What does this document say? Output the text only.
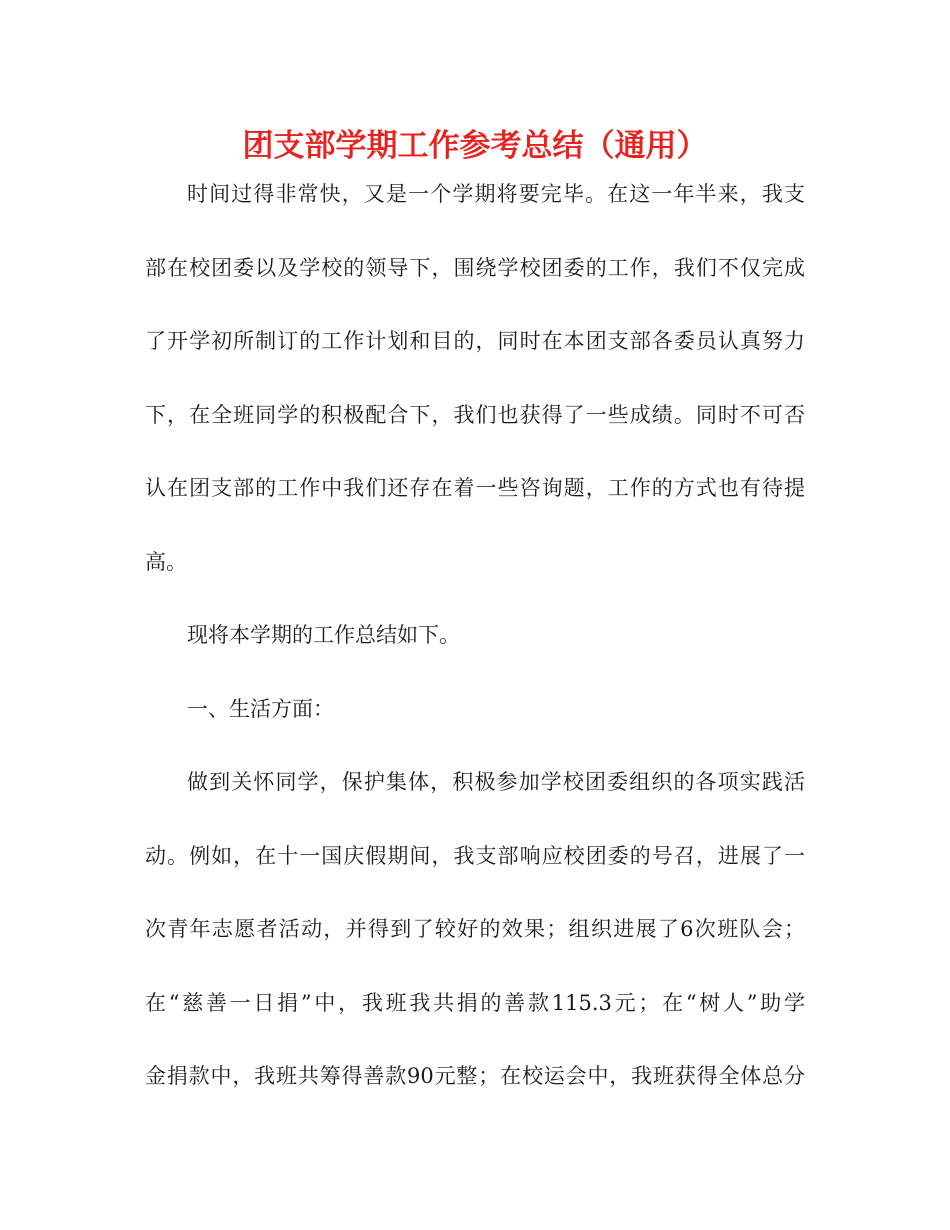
团支部学期工作参考总结（通用）
时间过得非常快，又是一个学期将要完毕。在这一年半来，我支
部在校团委以及学校的领导下，围绕学校团委的工作，我们不仅完成
了开学初所制订的工作计划和目的，同时在本团支部各委员认真努力
下，在全班同学的积极配合下，我们也获得了一些成绩。同时不可否
认在团支部的工作中我们还存在着一些咨询题，工作的方式也有待提
高。
现将本学期的工作总结如下。
一、生活方面：
做到关怀同学，保护集体，积极参加学校团委组织的各项实践活
动。例如，在十一国庆假期间，我支部响应校团委的号召，进展了一
次青年志愿者活动，并得到了较好的效果；组织进展了6次班队会；
在“慈善一日捐”中，我班我共捐的善款115.3元；在“树人”助学
金捐款中，我班共筹得善款90元整；在校运会中，我班获得全体总分
